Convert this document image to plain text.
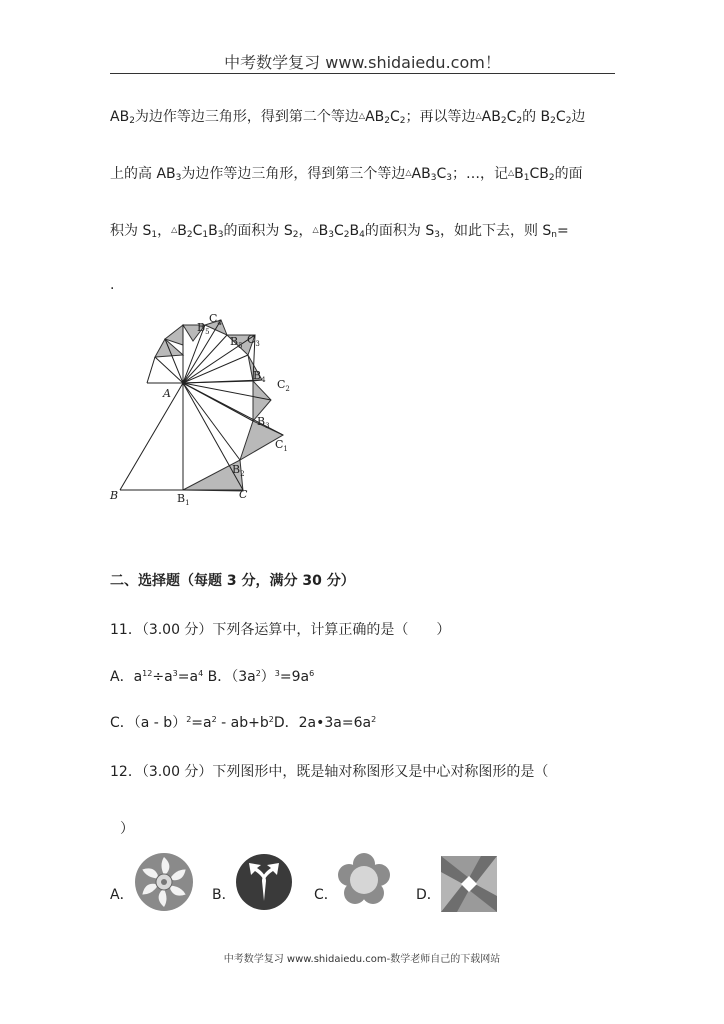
中考数学复习 www.shidaiedu.com！
$AB_2$为边作等边三角形，得到第二个等边$^\triangle AB_2C_2$；再以等边$^\triangle AB_2C_2$的 $B_2C_2$边
上的高 $AB_3$为边作等边三角形，得到第三个等边$^\triangle AB_3C_3$；…，记$^\triangle B_1CB_2$的面
积为 $S_1$，$^\triangle B_2C_1B_3$的面积为 $S_2$，$^\triangle B_3C_2B_4$的面积为 $S_3$，如此下去，则 $S_n=$
.
A
B	$B_1$
C
$B_2$
$C_1$
$B_3$
$C_2$
$B_4$
$C_3$
$B_5$
$C_4$
$B_5$
二、选择题（每题 3 分，满分 30 分）
11．（3.00 分）下列各运算中，计算正确的是（　　）
A．$a^{12}\div a^3=a^4$ B．$(3a^2)^3=9a^6$
C．$(a - b)^2=a^2 - ab+b^2D$．$2a•3a=6a^2$
12．（3.00 分）下列图形中，既是轴对称图形又是中心对称图形的是（
）
A．	B．	C．	D．
中考数学复习 www.shidaiedu.com-数学老师自己的下载网站
